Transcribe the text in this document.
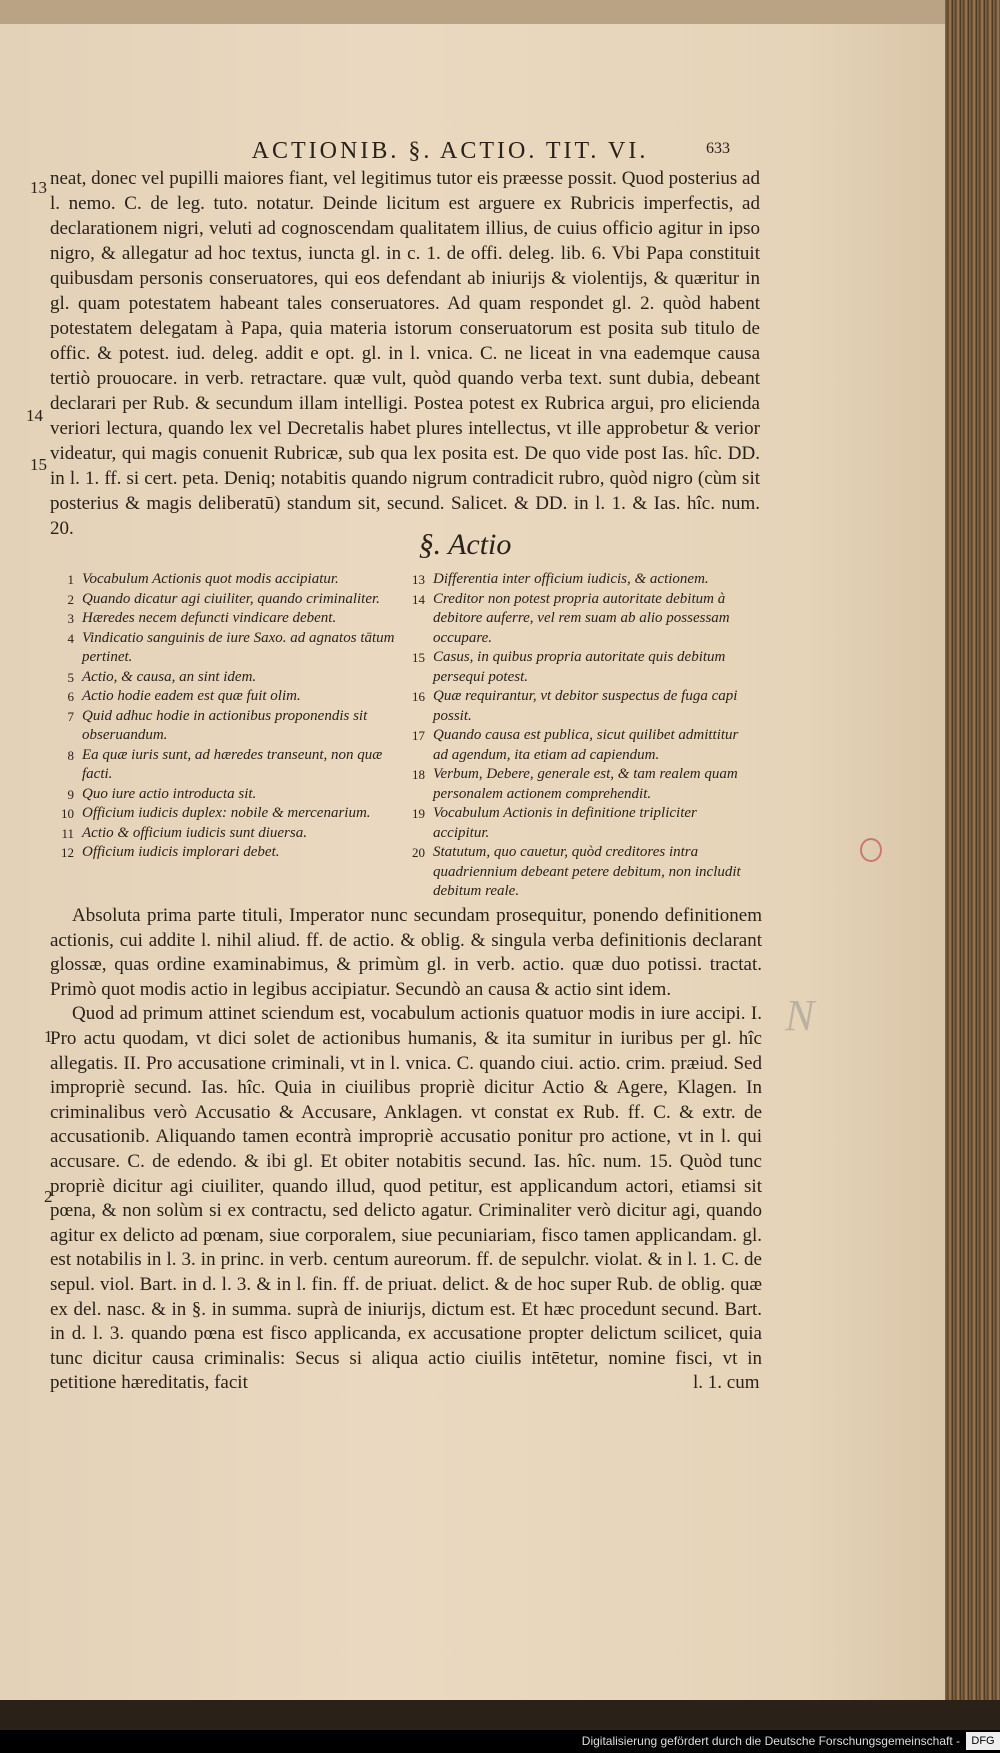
ACTIONIB. §. ACTIO. TIT. VI.	633
13
14
15

neat, donec vel pupilli maiores fiant, vel legitimus tutor eis præesse possit. Quod posterius ad l. nemo. C. de leg. tuto. notatur. Deinde licitum est arguere ex Rubricis imperfectis, ad declarationem nigri, veluti ad cognoscendam qualitatem illius, de cuius officio agitur in ipso nigro, & allegatur ad hoc textus, iuncta gl. in c. 1. de offi. deleg. lib. 6. Vbi Papa constituit quibusdam personis conseruatores, qui eos defendant ab iniurijs & violentijs, & quæritur in gl. quam potestatem habeant tales conseruatores. Ad quam respondet gl. 2. quòd habent potestatem delegatam à Papa, quia materia istorum conseruatorum est posita sub titulo de offic. & potest. iud. deleg. addit e opt. gl. in l. vnica. C. ne liceat in vna eademque causa tertiò prouocare. in verb. retractare. quæ vult, quòd quando verba text. sunt dubia, debeant declarari per Rub. & secundum illam intelligi. Postea potest ex Rubrica argui, pro elicienda veriori lectura, quando lex vel Decretalis habet plures intellectus, vt ille approbetur & verior videatur, qui magis conuenit Rubricæ, sub qua lex posita est. De quo vide post Ias. hîc. DD. in l. 1. ff. si cert. peta. Deniq; notabitis quando nigrum contradicit rubro, quòd nigro (cùm sit posterius & magis deliberatū) standum sit, secund. Salicet. & DD. in l. 1. & Ias. hîc. num. 20.	§. Actio
1 Vocabulum Actionis quot modis accipiatur.
2 Quando dicatur agi ciuiliter, quando criminaliter.
3 Hæredes necem defuncti vindicare debent.
4 Vindicatio sanguinis de iure Saxo. ad agnatos tātum pertinet.
5 Actio, & causa, an sint idem.
6 Actio hodie eadem est quæ fuit olim.
7 Quid adhuc hodie in actionibus proponendis sit obseruandum.
8 Ea quæ iuris sunt, ad hæredes transeunt, non quæ facti.
9 Quo iure actio introducta sit.
10 Officium iudicis duplex: nobile & mercenarium.
11 Actio & officium iudicis sunt diuersa.
12 Officium iudicis implorari debet.
13 Differentia inter officium iudicis, & actionem.
14 Creditor non potest propria autoritate debitum à debitore auferre, vel rem suam ab alio possessam occupare.
15 Casus, in quibus propria autoritate quis debitum persequi potest.
16 Quæ requirantur, vt debitor suspectus de fuga capi possit.
17 Quando causa est publica, sicut quilibet admittitur ad agendum, ita etiam ad capiendum.
18 Verbum, Debere, generale est, & tam realem quam personalem actionem comprehendit.
19 Vocabulum Actionis in definitione tripliciter accipitur.
20 Statutum, quo cauetur, quòd creditores intra quadriennium debeant petere debitum, non includit debitum reale.
1
2

Absoluta prima parte tituli, Imperator nunc secundam prosequitur, ponendo definitionem actionis, cui addite l. nihil aliud. ff. de actio. & oblig. & singula verba definitionis declarant glossæ, quas ordine examinabimus, & primùm gl. in verb. actio. quæ duo potissi. tractat. Primò quot modis actio in legibus accipiatur. Secundò an causa & actio sint idem.

Quod ad primum attinet sciendum est, vocabulum actionis quatuor modis in iure accipi. I. Pro actu quodam, vt dici solet de actionibus humanis, & ita sumitur in iuribus per gl. hîc allegatis. II. Pro accusatione criminali, vt in l. vnica. C. quando ciui. actio. crim. præiud. Sed impropriè secund. Ias. hîc. Quia in ciuilibus propriè dicitur Actio & Agere, Klagen. In criminalibus verò Accusatio & Accusare, Anklagen. vt constat ex Rub. ff. C. & extr. de accusationib. Aliquando tamen econtrà impropriè accusatio ponitur pro actione, vt in l. qui accusare. C. de edendo. & ibi gl. Et obiter notabitis secund. Ias. hîc. num. 15. Quòd tunc propriè dicitur agi ciuiliter, quando illud, quod petitur, est applicandum actori, etiamsi sit pœna, & non solùm si ex contractu, sed delicto agatur. Criminaliter verò dicitur agi, quando agitur ex delicto ad pœnam, siue corporalem, siue pecuniariam, fisco tamen applicandam. gl. est notabilis in l. 3. in princ. in verb. centum aureorum. ff. de sepulchr. violat. & in l. 1. C. de sepul. viol. Bart. in d. l. 3. & in l. fin. ff. de priuat. delict. & de hoc super Rub. de oblig. quæ ex del. nasc. & in §. in summa. suprà de iniurijs, dictum est. Et hæc procedunt secund. Bart. in d. l. 3. quando pœna est fisco applicanda, ex accusatione propter delictum scilicet, quia tunc dicitur causa criminalis: Secus si aliqua actio ciuilis intētetur, nomine fisci, vt in petitione hæreditatis, facit	l. 1. cum
N
Digitalisierung gefördert durch die Deutsche Forschungsgemeinschaft -	DFG
